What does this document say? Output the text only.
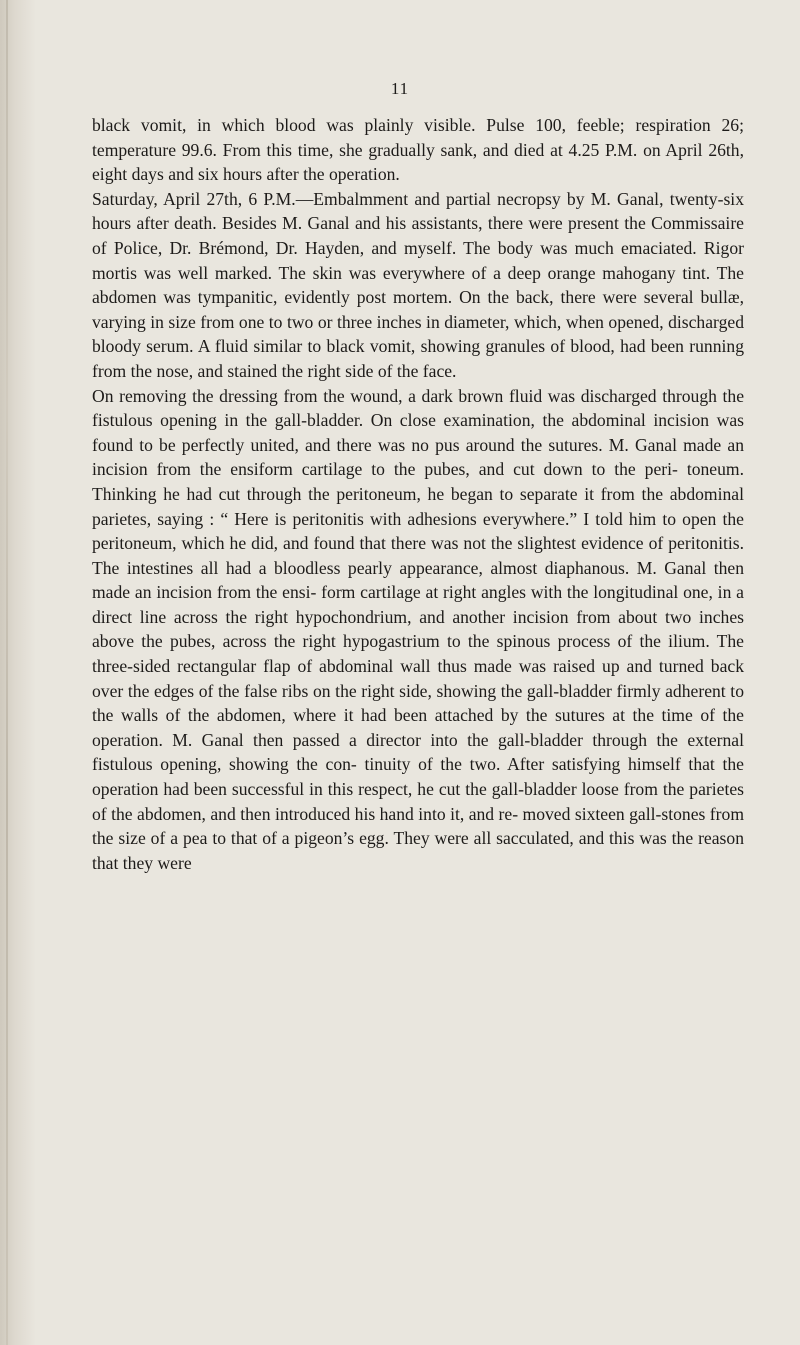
11

black vomit, in which blood was plainly visible. Pulse 100, feeble; respiration 26; temperature 99.6. From this time, she gradually sank, and died at 4.25 P.M. on April 26th, eight days and six hours after the operation.

Saturday, April 27th, 6 P.M.—Embalmment and partial necropsy by M. Ganal, twenty-six hours after death. Besides M. Ganal and his assistants, there were present the Commissaire of Police, Dr. Brémond, Dr. Hayden, and myself. The body was much emaciated. Rigor mortis was well marked. The skin was everywhere of a deep orange mahogany tint. The abdomen was tympanitic, evidently post mortem. On the back, there were several bullæ, varying in size from one to two or three inches in diameter, which, when opened, discharged bloody serum. A fluid similar to black vomit, showing granules of blood, had been running from the nose, and stained the right side of the face.

On removing the dressing from the wound, a dark brown fluid was discharged through the fistulous opening in the gall-bladder. On close examination, the abdominal incision was found to be perfectly united, and there was no pus around the sutures. M. Ganal made an incision from the ensiform cartilage to the pubes, and cut down to the peri- toneum. Thinking he had cut through the peritoneum, he began to separate it from the abdominal parietes, saying : “ Here is peritonitis with adhesions everywhere.” I told him to open the peritoneum, which he did, and found that there was not the slightest evidence of peritonitis. The intestines all had a bloodless pearly appearance, almost diaphanous. M. Ganal then made an incision from the ensi- form cartilage at right angles with the longitudinal one, in a direct line across the right hypochondrium, and another incision from about two inches above the pubes, across the right hypogastrium to the spinous process of the ilium. The three-sided rectangular flap of abdominal wall thus made was raised up and turned back over the edges of the false ribs on the right side, showing the gall-bladder firmly adherent to the walls of the abdomen, where it had been attached by the sutures at the time of the operation. M. Ganal then passed a director into the gall-bladder through the external fistulous opening, showing the con- tinuity of the two. After satisfying himself that the operation had been successful in this respect, he cut the gall-bladder loose from the parietes of the abdomen, and then introduced his hand into it, and re- moved sixteen gall-stones from the size of a pea to that of a pigeon’s egg. They were all sacculated, and this was the reason that they were
